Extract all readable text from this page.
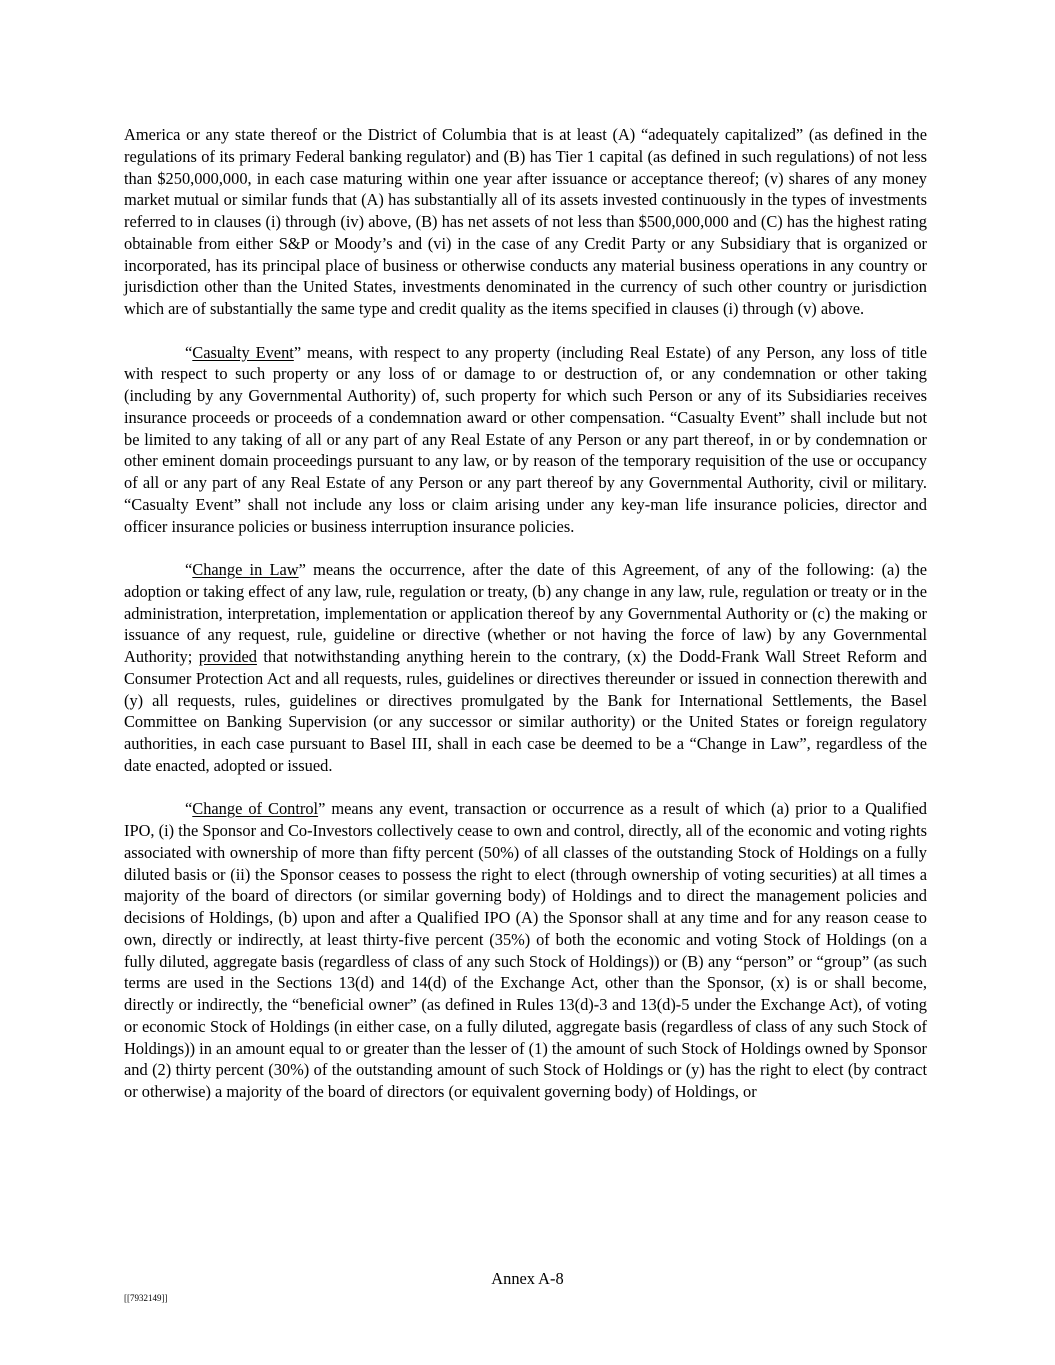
America or any state thereof or the District of Columbia that is at least (A) “adequately capitalized” (as defined in the regulations of its primary Federal banking regulator) and (B) has Tier 1 capital (as defined in such regulations) of not less than $250,000,000, in each case maturing within one year after issuance or acceptance thereof; (v) shares of any money market mutual or similar funds that (A) has substantially all of its assets invested continuously in the types of investments referred to in clauses (i) through (iv) above, (B) has net assets of not less than $500,000,000 and (C) has the highest rating obtainable from either S&P or Moody’s and (vi) in the case of any Credit Party or any Subsidiary that is organized or incorporated, has its principal place of business or otherwise conducts any material business operations in any country or jurisdiction other than the United States, investments denominated in the currency of such other country or jurisdiction which are of substantially the same type and credit quality as the items specified in clauses (i) through (v) above.

“Casualty Event” means, with respect to any property (including Real Estate) of any Person, any loss of title with respect to such property or any loss of or damage to or destruction of, or any condemnation or other taking (including by any Governmental Authority) of, such property for which such Person or any of its Subsidiaries receives insurance proceeds or proceeds of a condemnation award or other compensation. “Casualty Event” shall include but not be limited to any taking of all or any part of any Real Estate of any Person or any part thereof, in or by condemnation or other eminent domain proceedings pursuant to any law, or by reason of the temporary requisition of the use or occupancy of all or any part of any Real Estate of any Person or any part thereof by any Governmental Authority, civil or military. “Casualty Event” shall not include any loss or claim arising under any key-man life insurance policies, director and officer insurance policies or business interruption insurance policies.

“Change in Law” means the occurrence, after the date of this Agreement, of any of the following: (a) the adoption or taking effect of any law, rule, regulation or treaty, (b) any change in any law, rule, regulation or treaty or in the administration, interpretation, implementation or application thereof by any Governmental Authority or (c) the making or issuance of any request, rule, guideline or directive (whether or not having the force of law) by any Governmental Authority; provided that notwithstanding anything herein to the contrary, (x) the Dodd-Frank Wall Street Reform and Consumer Protection Act and all requests, rules, guidelines or directives thereunder or issued in connection therewith and (y) all requests, rules, guidelines or directives promulgated by the Bank for International Settlements, the Basel Committee on Banking Supervision (or any successor or similar authority) or the United States or foreign regulatory authorities, in each case pursuant to Basel III, shall in each case be deemed to be a “Change in Law”, regardless of the date enacted, adopted or issued.

“Change of Control” means any event, transaction or occurrence as a result of which (a) prior to a Qualified IPO, (i) the Sponsor and Co-Investors collectively cease to own and control, directly, all of the economic and voting rights associated with ownership of more than fifty percent (50%) of all classes of the outstanding Stock of Holdings on a fully diluted basis or (ii) the Sponsor ceases to possess the right to elect (through ownership of voting securities) at all times a majority of the board of directors (or similar governing body) of Holdings and to direct the management policies and decisions of Holdings, (b) upon and after a Qualified IPO (A) the Sponsor shall at any time and for any reason cease to own, directly or indirectly, at least thirty-five percent (35%) of both the economic and voting Stock of Holdings (on a fully diluted, aggregate basis (regardless of class of any such Stock of Holdings)) or (B) any “person” or “group” (as such terms are used in the Sections 13(d) and 14(d) of the Exchange Act, other than the Sponsor, (x) is or shall become, directly or indirectly, the “beneficial owner” (as defined in Rules 13(d)-3 and 13(d)-5 under the Exchange Act), of voting or economic Stock of Holdings (in either case, on a fully diluted, aggregate basis (regardless of class of any such Stock of Holdings)) in an amount equal to or greater than the lesser of (1) the amount of such Stock of Holdings owned by Sponsor and (2) thirty percent (30%) of the outstanding amount of such Stock of Holdings or (y) has the right to elect (by contract or otherwise) a majority of the board of directors (or equivalent governing body) of Holdings, or

Annex A-8
[[7932149]]
